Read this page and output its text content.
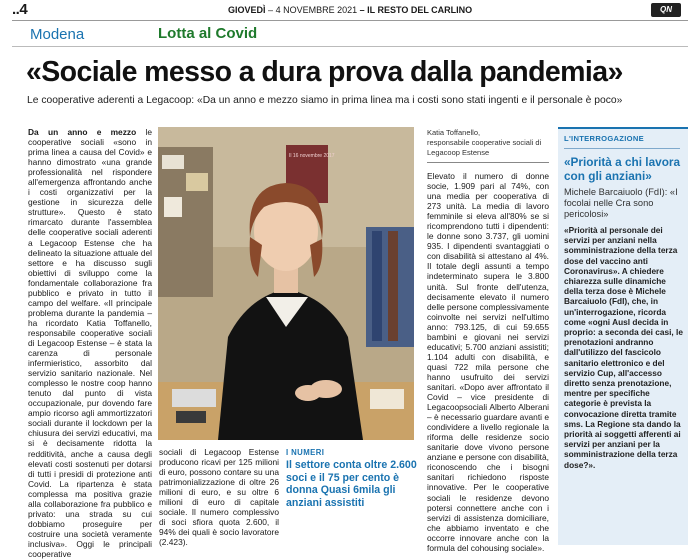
..4	GIOVEDÌ – 4 NOVEMBRE 2021 – IL RESTO DEL CARLINO	QN
Modena	Lotta al Covid
«Sociale messo a dura prova dalla pandemia»
Le cooperative aderenti a Legacoop: «Da un anno e mezzo siamo in prima linea ma i costi sono stati ingenti e il personale è poco»
Da un anno e mezzo le cooperative sociali «sono in prima linea a causa del Covid» e hanno dimostrato «una grande professionalità nel rispondere all'emergenza affrontando anche i costi organizzativi per la gestione in sicurezza delle strutture». Questo è stato rimarcato durante l'assemblea delle cooperative sociali aderenti a Legacoop Estense che ha delineato la situazione attuale del settore e ha discusso sugli obiettivi di sviluppo come la fondamentale collaborazione fra pubblico e privato in tutto il campo del welfare. «Il principale problema durante la pandemia – ha ricordato Katia Toffanello, responsabile cooperative sociali di Legacoop Estense – è stata la carenza di personale infermieristico, assorbito dal servizio sanitario nazionale. Nel complesso le nostre coop hanno tenuto dal punto di vista occupazionale, pur dovendo fare ampio ricorso agli ammortizzatori sociali durante il lockdown per la chiusura dei servizi educativi, ma si è decisamente ridotta la redditività, anche a causa degli elevati costi sostenuti per dotarsi di tutti i presidi di protezione anti Covid. La ripartenza è stata complessa ma positiva grazie alla collaborazione fra pubblico e privato: una strada su cui dobbiamo proseguire per costruire una società veramente inclusiva». Oggi le principali cooperative
Il 16 novembre 2017
sociali di Legacoop Estense producono ricavi per 125 milioni di euro, possono contare su una patrimonializzazione di oltre 26 milioni di euro, e su oltre 6 milioni di euro di capitale sociale. Il numero complessivo di soci sfiora quota 2.600, il 94% dei quali è socio lavoratore (2.423).
I NUMERI
Il settore conta oltre 2.600 soci e il 75 per cento è donna Quasi 6mila gli anziani assistiti
Katia Toffanello,
responsabile cooperative sociali di Legacoop Estense
Elevato il numero di donne socie, 1.909 pari al 74%, con una media per cooperativa di 273 unità. La media di lavoro femminile si eleva all'80% se si ricomprendono tutti i dipendenti: le donne sono 3.737, gli uomini 935. I dipendenti svantaggiati o con disabilità si attestano al 4%. Il totale degli assunti a tempo indeterminato supera le 3.800 unità. Sul fronte dell'utenza, decisamente elevato il numero delle persone complessivamente coinvolte nei servizi nell'ultimo anno: 793.125, di cui 59.655 bambini e giovani nei servizi educativi; 5.700 anziani assistiti; 1.104 adulti con disabilità, e quasi 722 mila persone che hanno usufruito dei servizi sanitari. «Dopo aver affrontato il Covid – vice presidente di Legacoopsociali Alberto Alberani – è necessario guardare avanti e condividere a livello regionale la riforma delle residenze socio sanitarie dove vivono persone anziane e persone con disabilità, riconoscendo che i bisogni sanitari richiedono risposte innovative. Per le cooperative sociali le residenze devono potersi connettere anche con i servizi di assistenza domiciliare, che abbiamo inventato e che occorre innovare anche con la formula del cohousing sociale».
L'INTERROGAZIONE
«Priorità a chi lavora con gli anziani»
Michele Barcaiuolo (FdI): «I focolai nelle Cra sono pericolosi»
«Priorità al personale dei servizi per anziani nella somministrazione della terza dose del vaccino anti Coronavirus». A chiedere chiarezza sulle dinamiche della terza dose è Michele Barcaiuolo (FdI), che, in un'interrogazione, ricorda come «ogni Ausl decida in proprio: a seconda dei casi, le prenotazioni andranno dall'utilizzo del fascicolo sanitario elettronico e del servizio Cup, all'accesso diretto senza prenotazione, mentre per specifiche categorie è prevista la convocazione diretta tramite sms. La Regione sta dando la priorità ai soggetti afferenti ai servizi per anziani per la somministrazione della terza dose?».
